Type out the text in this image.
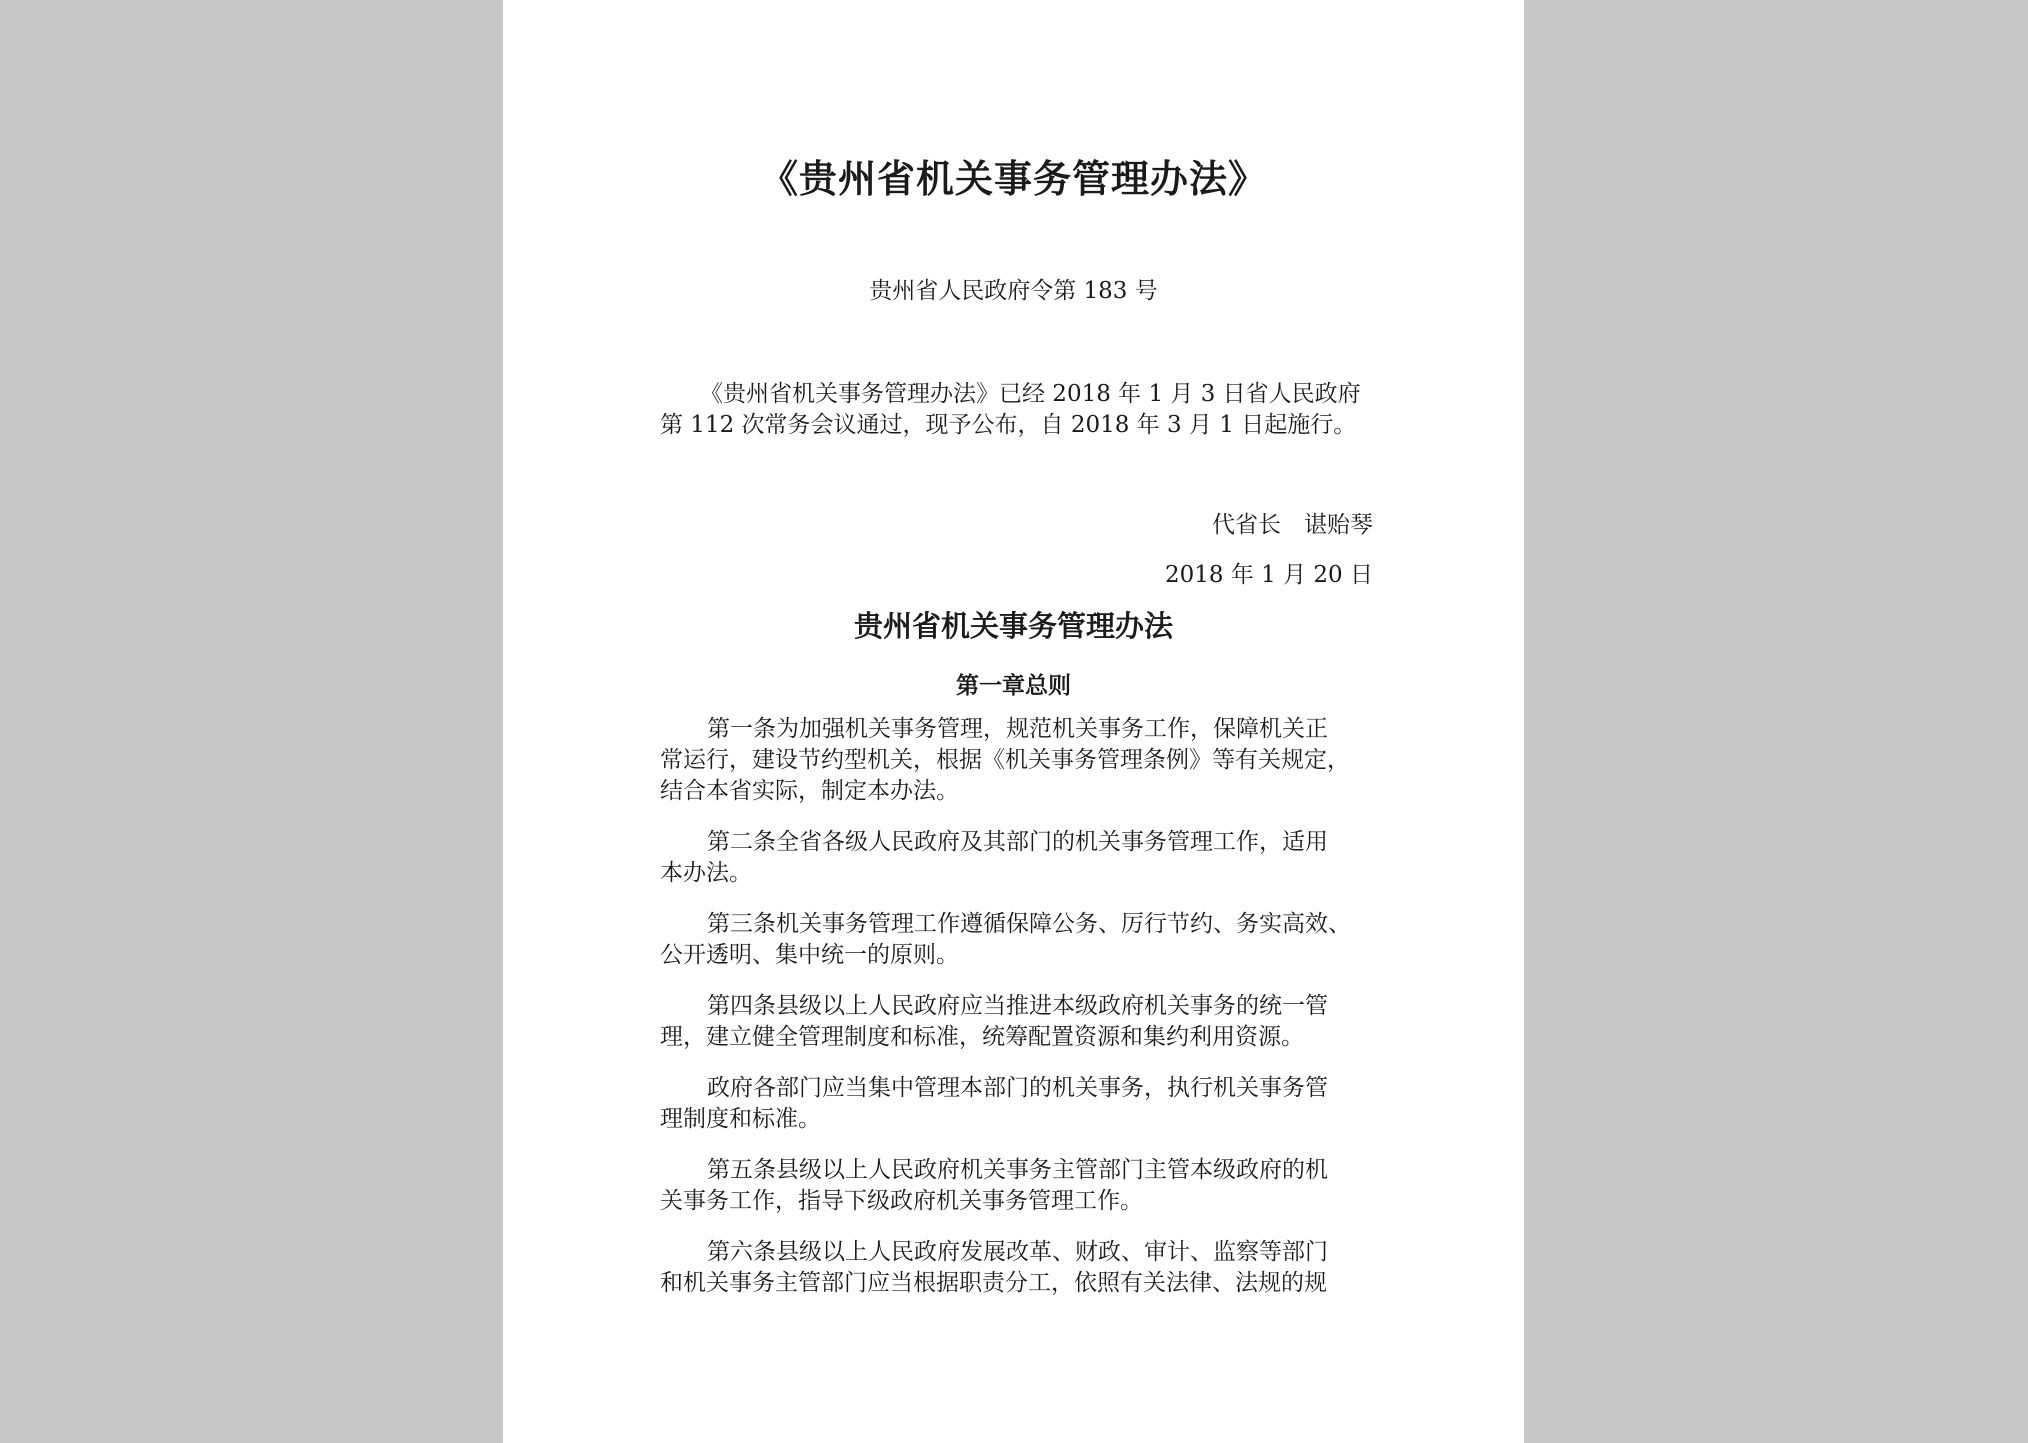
《贵州省机关事务管理办法》

贵州省人民政府令第 183 号

《贵州省机关事务管理办法》已经 2018 年 1 月 3 日省人民政府

第 112 次常务会议通过，现予公布，自 2018 年 3 月 1 日起施行。

代省长　谌贻琴

2018 年 1 月 20 日

贵州省机关事务管理办法
第一章总则
第一条为加强机关事务管理，规范机关事务工作，保障机关正
常运行，建设节约型机关，根据《机关事务管理条例》等有关规定，
结合本省实际，制定本办法。
第二条全省各级人民政府及其部门的机关事务管理工作，适用
本办法。
第三条机关事务管理工作遵循保障公务、厉行节约、务实高效、
公开透明、集中统一的原则。
第四条县级以上人民政府应当推进本级政府机关事务的统一管
理，建立健全管理制度和标准，统筹配置资源和集约利用资源。
政府各部门应当集中管理本部门的机关事务，执行机关事务管
理制度和标准。
第五条县级以上人民政府机关事务主管部门主管本级政府的机
关事务工作，指导下级政府机关事务管理工作。
第六条县级以上人民政府发展改革、财政、审计、监察等部门
和机关事务主管部门应当根据职责分工，依照有关法律、法规的规
